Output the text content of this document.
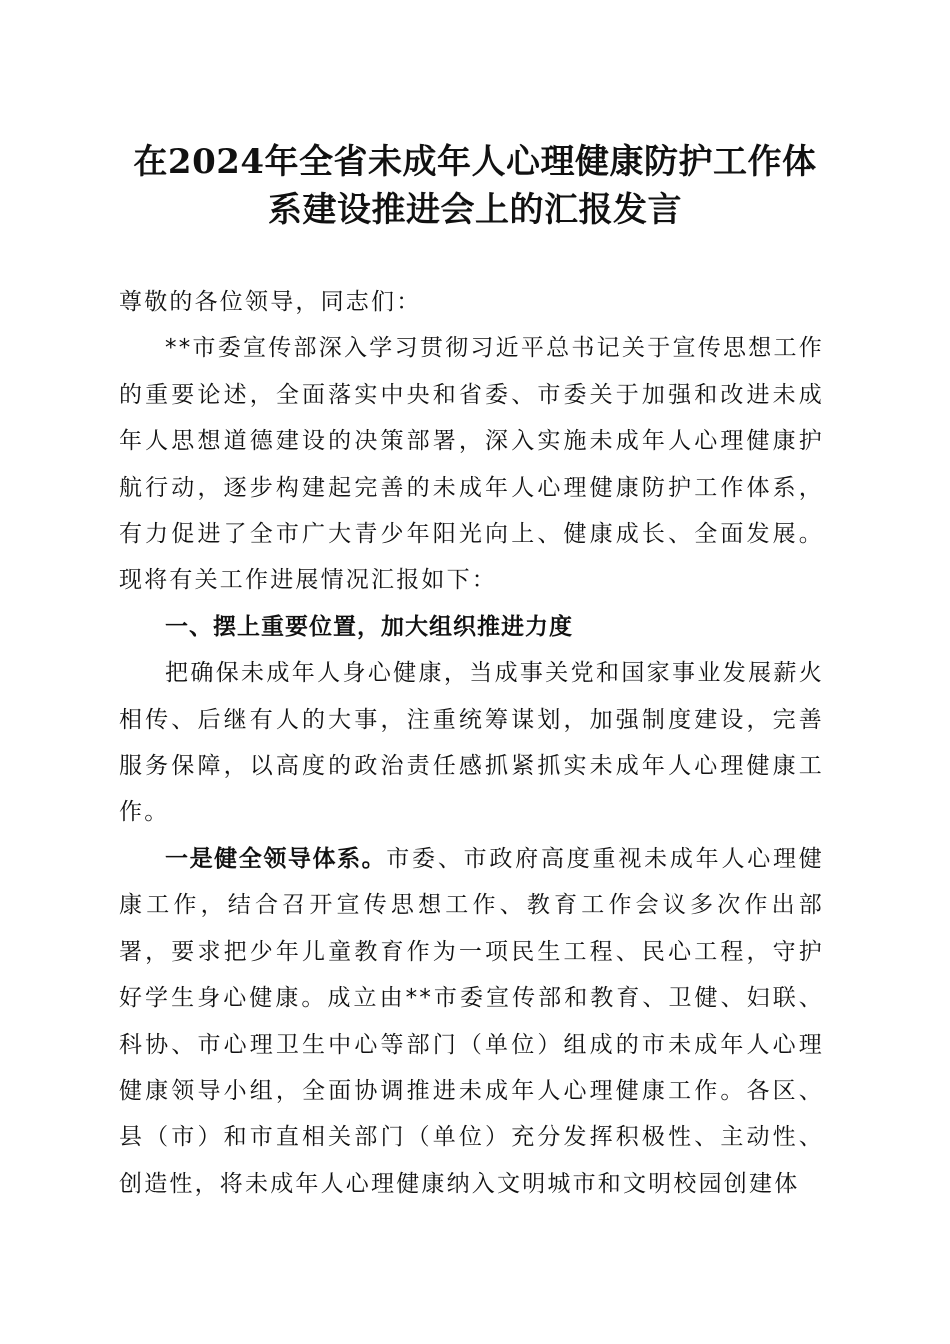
在2024年全省未成年人心理健康防护工作体
系建设推进会上的汇报发言

尊敬的各位领导，同志们：

**市委宣传部深入学习贯彻习近平总书记关于宣传思想工作的重要论述，全面落实中央和省委、市委关于加强和改进未成年人思想道德建设的决策部署，深入实施未成年人心理健康护航行动，逐步构建起完善的未成年人心理健康防护工作体系，有力促进了全市广大青少年阳光向上、健康成长、全面发展。现将有关工作进展情况汇报如下：

一、摆上重要位置，加大组织推进力度

把确保未成年人身心健康，当成事关党和国家事业发展薪火相传、后继有人的大事，注重统筹谋划，加强制度建设，完善服务保障，以高度的政治责任感抓紧抓实未成年人心理健康工作。

一是健全领导体系。市委、市政府高度重视未成年人心理健康工作，结合召开宣传思想工作、教育工作会议多次作出部署，要求把少年儿童教育作为一项民生工程、民心工程，守护好学生身心健康。成立由**市委宣传部和教育、卫健、妇联、科协、市心理卫生中心等部门（单位）组成的市未成年人心理健康领导小组，全面协调推进未成年人心理健康工作。各区、县（市）和市直相关部门（单位）充分发挥积极性、主动性、创造性，将未成年人心理健康纳入文明城市和文明校园创建体
